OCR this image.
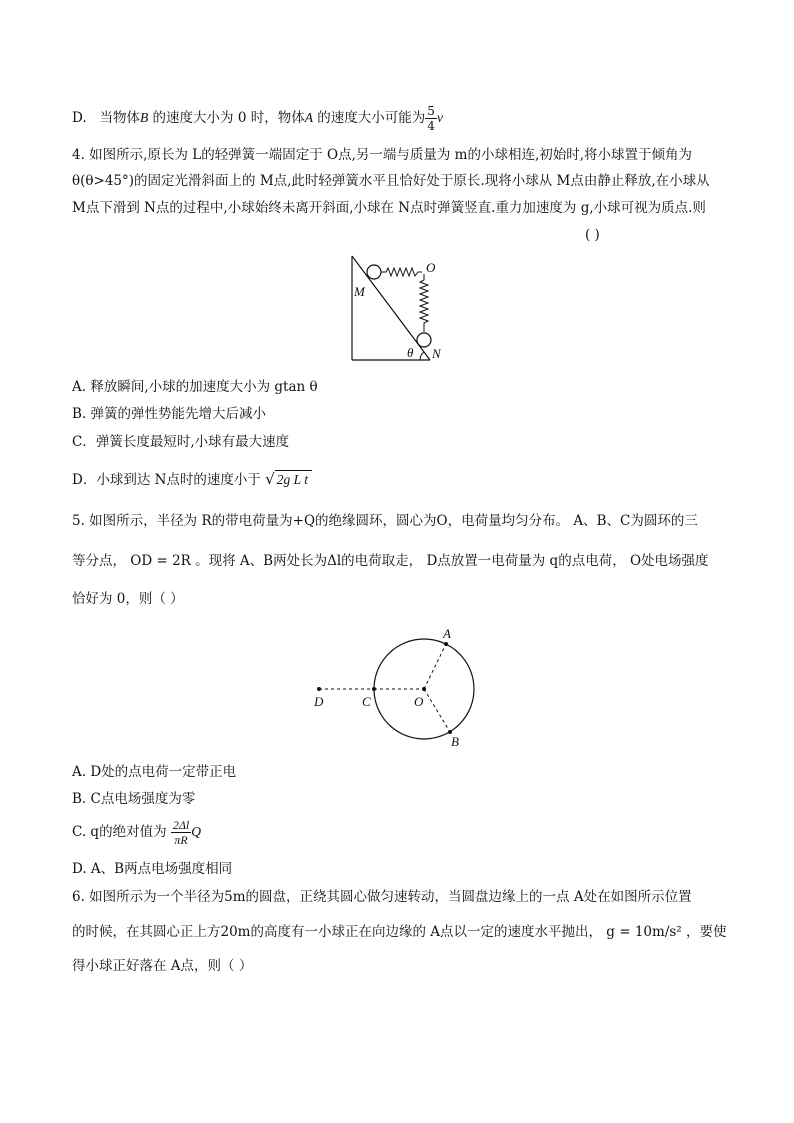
D. 当物体B 的速度大小为 0 时，物体A 的速度大小可能为 $\frac{5}{4}$ v
4. 如图所示,原长为 L的轻弹簧一端固定于 O点,另一端与质量为 m的小球相连,初始时,将小球置于倾角为
θ(θ>45°)的固定光滑斜面上的 M点,此时轻弹簧水平且恰好处于原长.现将小球从 M点由静止释放,在小球从
M点下滑到 N点的过程中,小球始终未离开斜面,小球在 N点时弹簧竖直.重力加速度为 g,小球可视为质点.则
( )
M
O
N
θ
A. 释放瞬间,小球的加速度大小为 gtan θ
B. 弹簧的弹性势能先增大后减小
C．弹簧长度最短时,小球有最大速度
D．小球到达 N点时的速度小于 √ 2g L t
5. 如图所示，半径为 R的带电荷量为+Q的绝缘圆环，圆心为O，电荷量均匀分布。 A、B、C为圆环的三
等分点， OD = 2R 。现将 A、B两处长为Δl的电荷取走， D点放置一电荷量为 q的点电荷， O处电场强度
恰好为 0，则（ ）
A
B
C
D	O
A. D处的点电荷一定带正电
B. C点电场强度为零
C. q的绝对值为 $\frac{2\Delta l}{\pi R}$ Q
D. A、B两点电场强度相同
6. 如图所示为一个半径为5m的圆盘，正绕其圆心做匀速转动，当圆盘边缘上的一点 A处在如图所示位置
的时候，在其圆心正上方20m的高度有一小球正在向边缘的 A点以一定的速度水平抛出， g = 10m/s² ，要使
得小球正好落在 A点，则（ ）
